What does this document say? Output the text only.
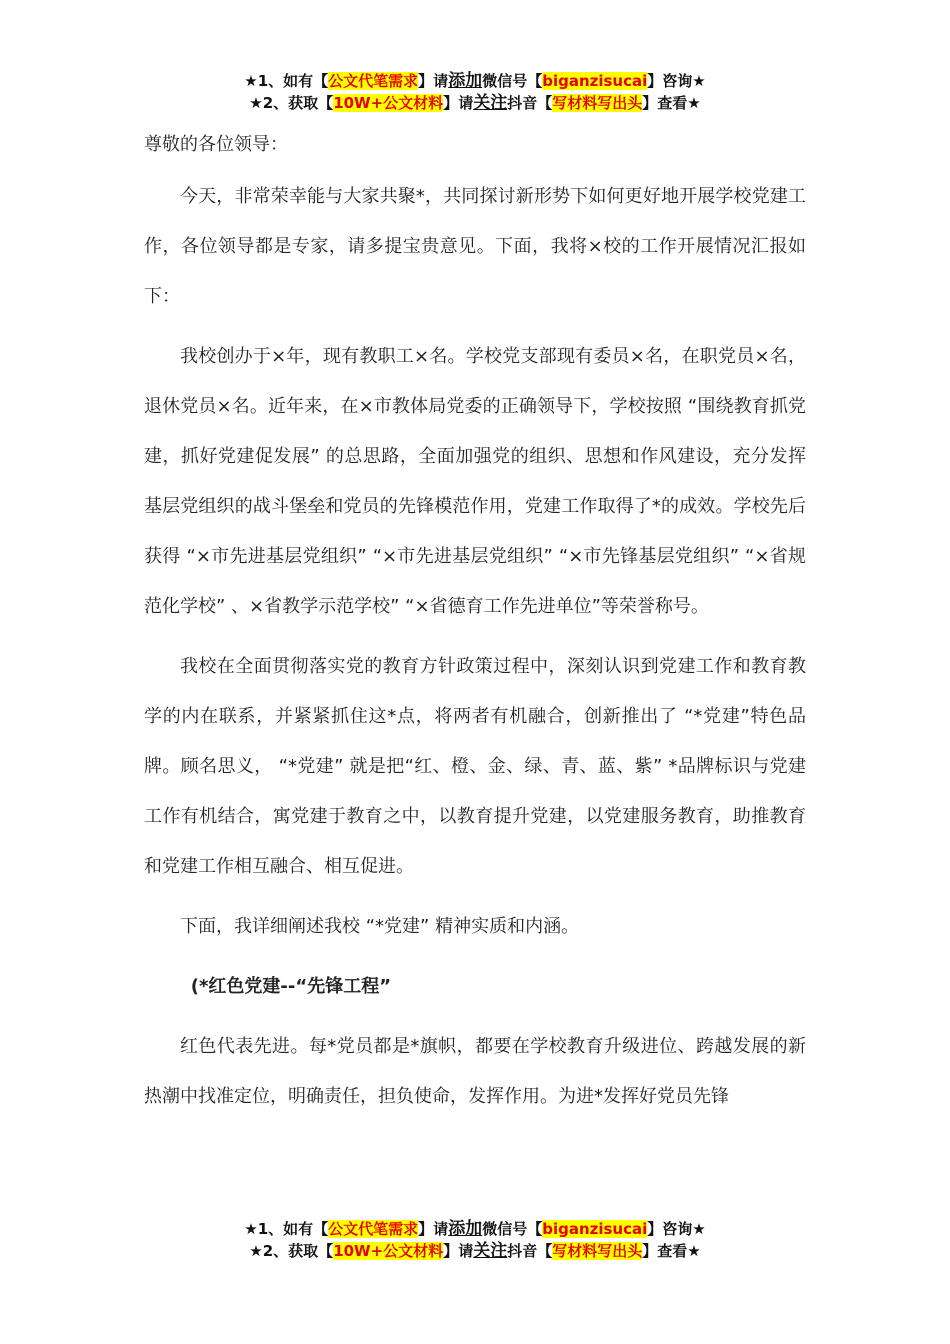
★1、如有【公文代笔需求】请添加微信号【biganzisucai】咨询★
★2、获取【10W+公文材料】请关注抖音【写材料写出头】查看★

尊敬的各位领导：

今天，非常荣幸能与大家共聚*，共同探讨新形势下如何更好地开展学校党建工作，各位领导都是专家，请多提宝贵意见。下面，我将×校的工作开展情况汇报如下：

我校创办于×年，现有教职工×名。学校党支部现有委员×名，在职党员×名，退休党员×名。近年来，在×市教体局党委的正确领导下，学校按照 “围绕教育抓党建，抓好党建促发展” 的总思路，全面加强党的组织、思想和作风建设，充分发挥基层党组织的战斗堡垒和党员的先锋模范作用，党建工作取得了*的成效。学校先后获得 “×市先进基层党组织” “×市先进基层党组织” “×市先锋基层党组织” “×省规范化学校” 、×省教学示范学校” “×省德育工作先进单位”等荣誉称号。

我校在全面贯彻落实党的教育方针政策过程中，深刻认识到党建工作和教育教学的内在联系，并紧紧抓住这*点，将两者有机融合，创新推出了 “*党建”特色品牌。顾名思义， “*党建” 就是把“红、橙、金、绿、青、蓝、紫” *品牌标识与党建工作有机结合，寓党建于教育之中，以教育提升党建，以党建服务教育，助推教育和党建工作相互融合、相互促进。

下面，我详细阐述我校 “*党建” 精神实质和内涵。

(*红色党建--“先锋工程”

红色代表先进。每*党员都是*旗帜，都要在学校教育升级进位、跨越发展的新热潮中找准定位，明确责任，担负使命，发挥作用。为进*发挥好党员先锋

★1、如有【公文代笔需求】请添加微信号【biganzisucai】咨询★
★2、获取【10W+公文材料】请关注抖音【写材料写出头】查看★
